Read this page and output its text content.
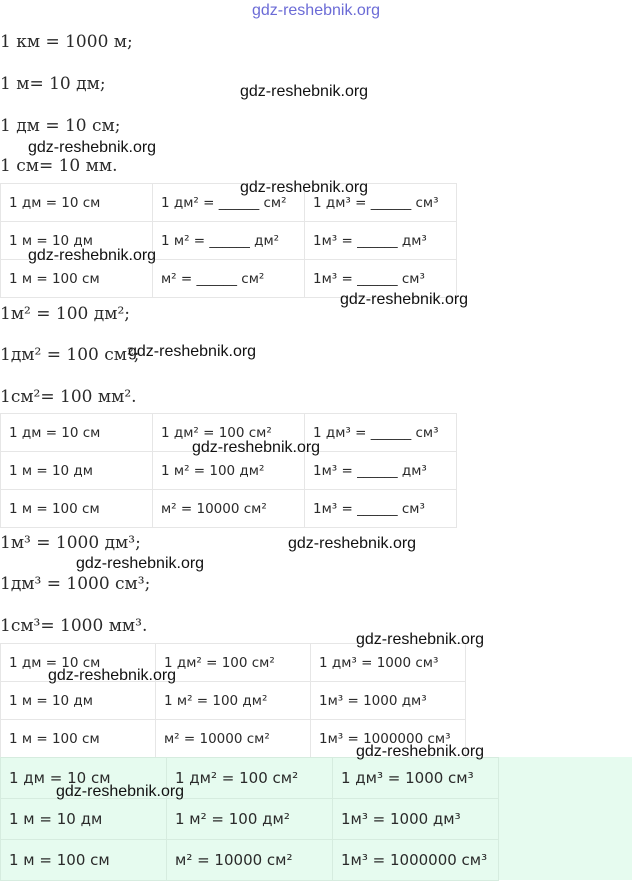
gdz-reshebnik.org
1 км = 1000 м;
1 м= 10 дм;
1 дм = 10 см;
1 см= 10 мм.
1 дм = 10 см	1 дм² = ______ см²	1 дм³ = ______ см³
1 м = 10 дм	1 м² = ______ дм²	1м³ = ______ дм³
1 м = 100 см	м² = ______ см²	1м³ = ______ см³
1м² = 100 дм²;
1дм² = 100 см²;
1см²= 100 мм².
1 дм = 10 см	1 дм² = 100 см²	1 дм³ = ______ см³
1 м = 10 дм	1 м² = 100 дм²	1м³ = ______ дм³
1 м = 100 см	м² = 10000 см²	1м³ = ______ см³
1м³ = 1000 дм³;
1дм³ = 1000 см³;
1см³= 1000 мм³.
1 дм = 10 см	1 дм² = 100 см²	1 дм³ = 1000 см³
1 м = 10 дм	1 м² = 100 дм²	1м³ = 1000 дм³
1 м = 100 см	м² = 10000 см²	1м³ = 1000000 см³
1 дм = 10 см	1 дм² = 100 см²	1 дм³ = 1000 см³
1 м = 10 дм	1 м² = 100 дм²	1м³ = 1000 дм³
1 м = 100 см	м² = 10000 см²	1м³ = 1000000 см³
gdz-reshebnik.org
gdz-reshebnik.org
gdz-reshebnik.org
gdz-reshebnik.org
gdz-reshebnik.org
gdz-reshebnik.org
gdz-reshebnik.org
gdz-reshebnik.org
gdz-reshebnik.org
gdz-reshebnik.org
gdz-reshebnik.org
gdz-reshebnik.org
gdz-reshebnik.org
